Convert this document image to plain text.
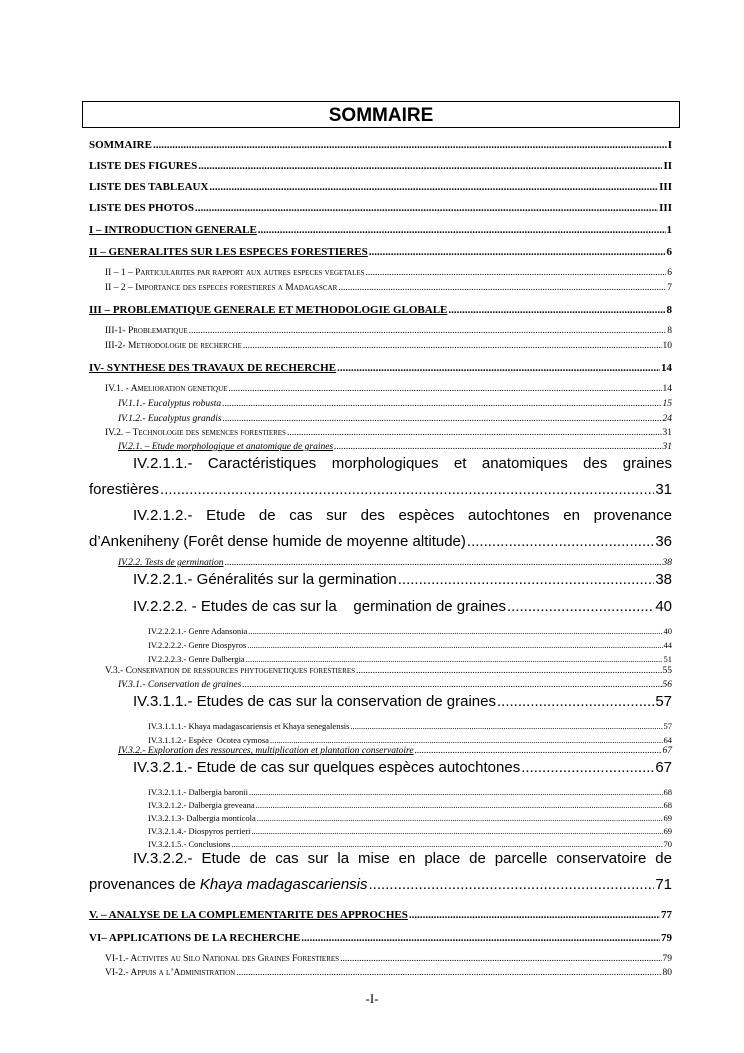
SOMMAIRE
SOMMAIRE .....	I
LISTE DES FIGURES .....	II
LISTE DES TABLEAUX .....	III
LISTE DES PHOTOS .....	III
I – INTRODUCTION GENERALE .....	1
II – GENERALITES SUR LES ESPECES FORESTIERES .....	6
II – 1 – Particularites par rapport aux autres especes vegetales .....	6
II – 2 – Importance des especes forestieres a Madagascar .....	7
III – PROBLEMATIQUE GENERALE ET METHODOLOGIE GLOBALE .....	8
III-1- Problematique .....	8
III-2- Methodologie de recherche .....	10
IV- SYNTHESE DES TRAVAUX DE RECHERCHE .....	14
IV.1. - Amelioration genetique .....	14
IV.1.1.- Eucalyptus robusta .....	15
IV.1.2.- Eucalyptus grandis .....	24
IV.2. – Technologie des semences forestieres .....	31
IV.2.1. – Etude morphologique et anatomique de graines .....	31
IV.2.1.1.- Caractéristiques morphologiques et anatomiques des graines
forestières .....	31
IV.2.1.2.- Etude de cas sur des espèces autochtones en provenance
d’Ankeniheny (Forêt dense humide de moyenne altitude) .....	36
IV.2.2. Tests de germination .....	38
IV.2.2.1.- Généralités sur la germination .....	38
IV.2.2.2. - Etudes de cas sur la    germination de graines .....	40
IV.2.2.2.1.- Genre Adansonia .....	40
IV.2.2.2.2.- Genre Diospyros .....	44
IV.2.2.2.3.- Genre Dalbergia .....	51
V.3.- Conservation de ressources phytogenetiques forestieres .....	55
IV.3.1.- Conservation de graines .....	56
IV.3.1.1.- Etudes de cas sur la conservation de graines .....	57
IV.3.1.1.1.- Khaya madagascariensis et Khaya senegalensis .....	57
IV.3.1.1.2.- Espèce  Ocotea cymosa .....	64
IV.3.2.- Exploration des ressources, multiplication et plantation conservatoire .....	67
IV.3.2.1.- Etude de cas sur quelques espèces autochtones .....	67
IV.3.2.1.1.- Dalbergia baronii .....	68
IV.3.2.1.2.- Dalbergia greveana .....	68
IV.3.2.1.3- Dalbergia monticola .....	69
IV.3.2.1.4.- Diospyros perrieri .....	69
IV.3.2.1.5.- Conclusions .....	70
IV.3.2.2.- Etude de cas sur la mise en place de parcelle conservatoire de
provenances de Khaya madagascariensis .....	71
V. – ANALYSE DE LA COMPLEMENTARITE DES APPROCHES .....	77
VI– APPLICATIONS DE LA RECHERCHE .....	79
VI-1.- Activites au Silo National des Graines Forestieres .....	79
VI-2.- Appuis a l’Administration .....	80
-I-
